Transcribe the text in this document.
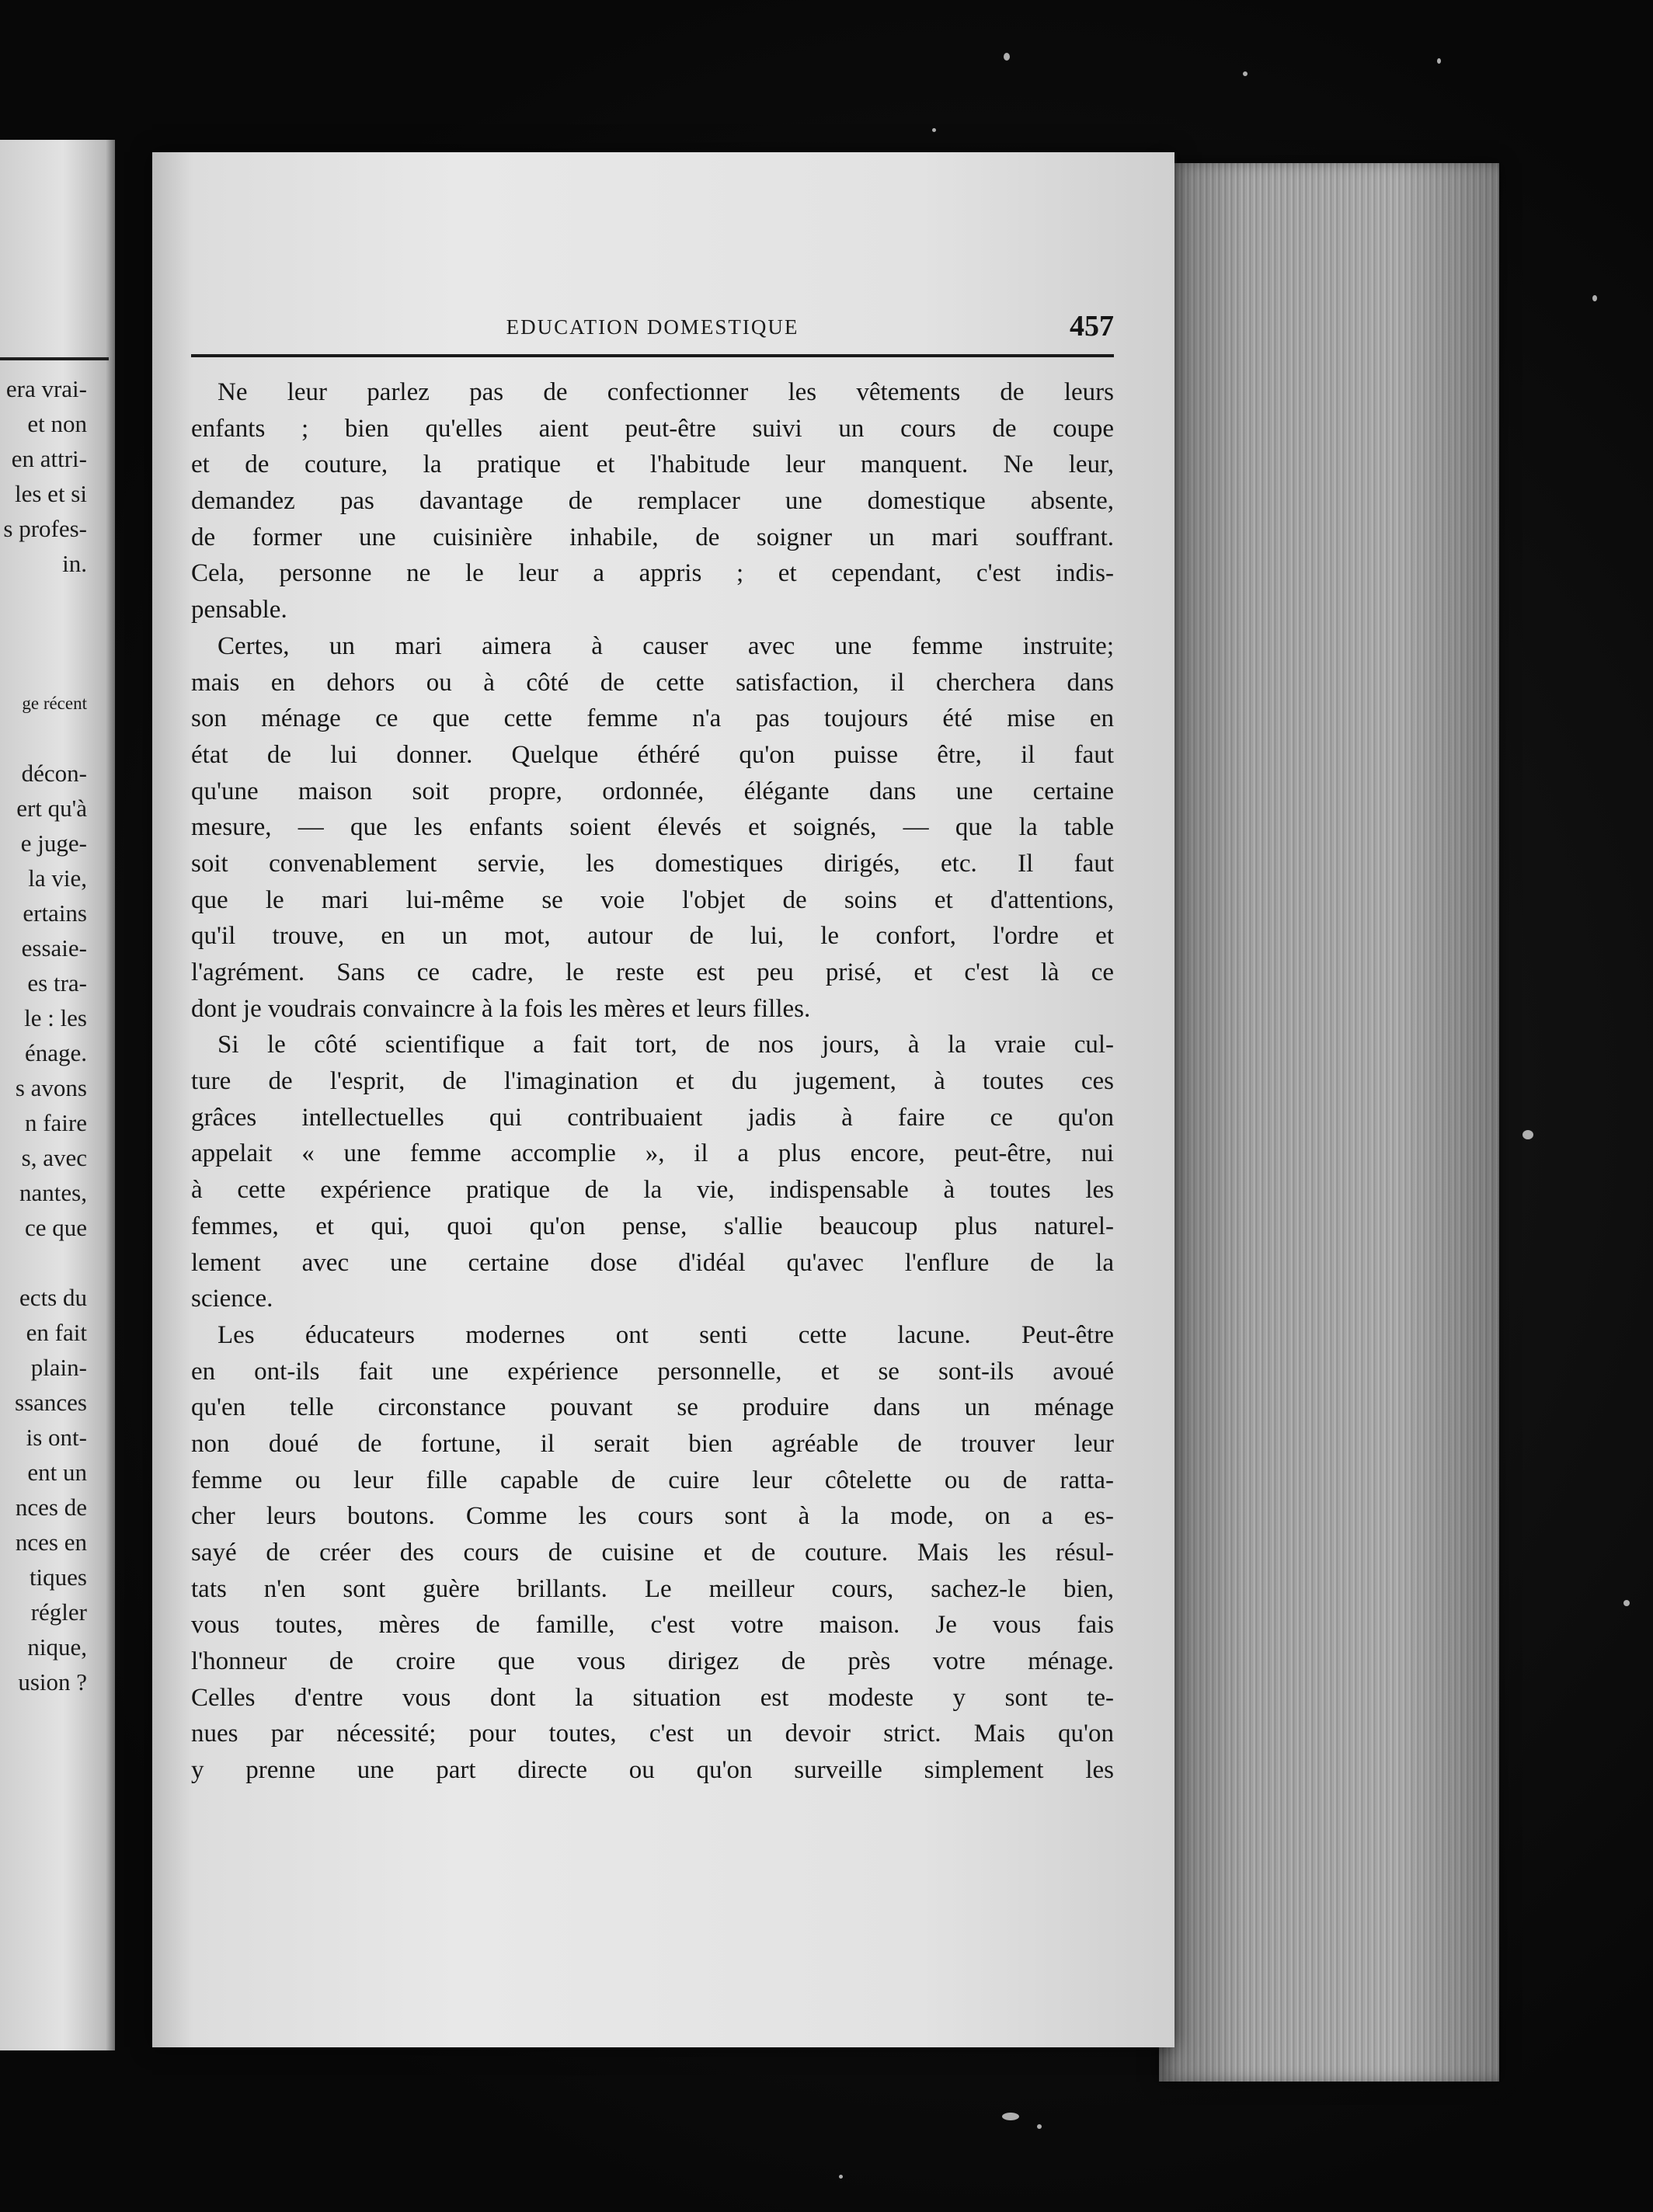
era vrai-
et non
en attri-
les et si
s profes-
in.
ge récent
décon-
ert qu'à
e juge-
la vie,
ertains
essaie-
es tra-
le : les
énage.
s avons
n faire
s, avec
nantes,
ce que
ects du
en fait
plain-
ssances
is ont-
ent un
nces de
nces en
tiques
régler
nique,
usion ?
EDUCATION DOMESTIQUE	457
Ne leur parlez pas de confectionner les vêtements de leurs
enfants ; bien qu'elles aient peut-être suivi un cours de coupe
et de couture, la pratique et l'habitude leur manquent. Ne leur,
demandez pas davantage de remplacer une domestique absente,
de former une cuisinière inhabile, de soigner un mari souffrant.
Cela, personne ne le leur a appris ; et cependant, c'est indis-
pensable.
Certes, un mari aimera à causer avec une femme instruite;
mais en dehors ou à côté de cette satisfaction, il cherchera dans
son ménage ce que cette femme n'a pas toujours été mise en
état de lui donner. Quelque éthéré qu'on puisse être, il faut
qu'une maison soit propre, ordonnée, élégante dans une certaine
mesure, — que les enfants soient élevés et soignés, — que la table
soit convenablement servie, les domestiques dirigés, etc. Il faut
que le mari lui-même se voie l'objet de soins et d'attentions,
qu'il trouve, en un mot, autour de lui, le confort, l'ordre et
l'agrément. Sans ce cadre, le reste est peu prisé, et c'est là ce
dont je voudrais convaincre à la fois les mères et leurs filles.
Si le côté scientifique a fait tort, de nos jours, à la vraie cul-
ture de l'esprit, de l'imagination et du jugement, à toutes ces
grâces intellectuelles qui contribuaient jadis à faire ce qu'on
appelait « une femme accomplie », il a plus encore, peut-être, nui
à cette expérience pratique de la vie, indispensable à toutes les
femmes, et qui, quoi qu'on pense, s'allie beaucoup plus naturel-
lement avec une certaine dose d'idéal qu'avec l'enflure de la
science.
Les éducateurs modernes ont senti cette lacune. Peut-être
en ont-ils fait une expérience personnelle, et se sont-ils avoué
qu'en telle circonstance pouvant se produire dans un ménage
non doué de fortune, il serait bien agréable de trouver leur
femme ou leur fille capable de cuire leur côtelette ou de ratta-
cher leurs boutons. Comme les cours sont à la mode, on a es-
sayé de créer des cours de cuisine et de couture. Mais les résul-
tats n'en sont guère brillants. Le meilleur cours, sachez-le bien,
vous toutes, mères de famille, c'est votre maison. Je vous fais
l'honneur de croire que vous dirigez de près votre ménage.
Celles d'entre vous dont la situation est modeste y sont te-
nues par nécessité; pour toutes, c'est un devoir strict. Mais qu'on
y prenne une part directe ou qu'on surveille simplement les
